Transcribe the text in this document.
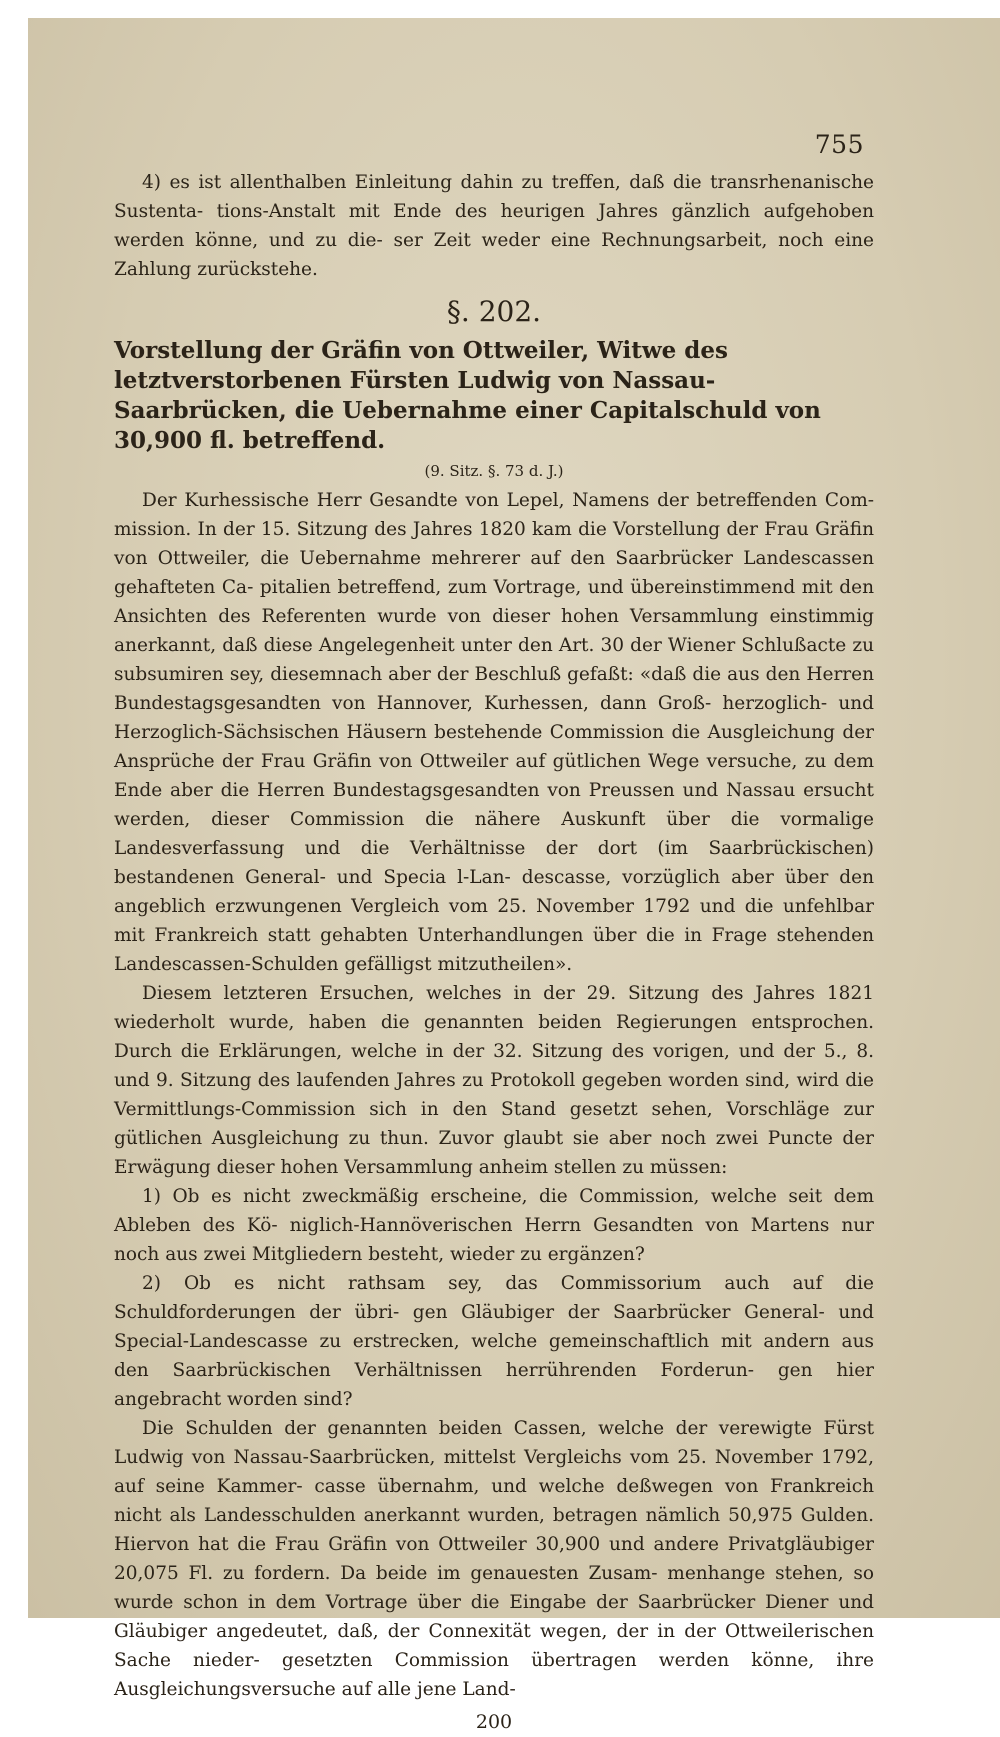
755

4) es ist allenthalben Einleitung dahin zu treffen, daß die transrhenanische Sustenta- tions-Anstalt mit Ende des heurigen Jahres gänzlich aufgehoben werden könne, und zu die- ser Zeit weder eine Rechnungsarbeit, noch eine Zahlung zurückstehe.

§. 202.

Vorstellung der Gräfin von Ottweiler, Witwe des letztverstorbenen Fürsten Ludwig von Nassau-Saarbrücken, die Uebernahme einer Capitalschuld von 30,900 fl. betreffend.

(9. Sitz. §. 73 d. J.)

Der Kurhessische Herr Gesandte von Lepel, Namens der betreffenden Com- mission. In der 15. Sitzung des Jahres 1820 kam die Vorstellung der Frau Gräfin von Ottweiler, die Uebernahme mehrerer auf den Saarbrücker Landescassen gehafteten Ca- pitalien betreffend, zum Vortrage, und übereinstimmend mit den Ansichten des Referenten wurde von dieser hohen Versammlung einstimmig anerkannt, daß diese Angelegenheit unter den Art. 30 der Wiener Schlußacte zu subsumiren sey, diesemnach aber der Beschluß gefaßt: «daß die aus den Herren Bundestagsgesandten von Hannover, Kurhessen, dann Groß- herzoglich- und Herzoglich-Sächsischen Häusern bestehende Commission die Ausgleichung der Ansprüche der Frau Gräfin von Ottweiler auf gütlichen Wege versuche, zu dem Ende aber die Herren Bundestagsgesandten von Preussen und Nassau ersucht werden, dieser Commission die nähere Auskunft über die vormalige Landesverfassung und die Verhältnisse der dort (im Saarbrückischen) bestandenen General- und Specia l-Lan- descasse, vorzüglich aber über den angeblich erzwungenen Vergleich vom 25. November 1792 und die unfehlbar mit Frankreich statt gehabten Unterhandlungen über die in Frage stehenden Landescassen-Schulden gefälligst mitzutheilen».

Diesem letzteren Ersuchen, welches in der 29. Sitzung des Jahres 1821 wiederholt wurde, haben die genannten beiden Regierungen entsprochen. Durch die Erklärungen, welche in der 32. Sitzung des vorigen, und der 5., 8. und 9. Sitzung des laufenden Jahres zu Protokoll gegeben worden sind, wird die Vermittlungs-Commission sich in den Stand gesetzt sehen, Vorschläge zur gütlichen Ausgleichung zu thun. Zuvor glaubt sie aber noch zwei Puncte der Erwägung dieser hohen Versammlung anheim stellen zu müssen:

1) Ob es nicht zweckmäßig erscheine, die Commission, welche seit dem Ableben des Kö- niglich-Hannöverischen Herrn Gesandten von Martens nur noch aus zwei Mitgliedern besteht, wieder zu ergänzen?

2) Ob es nicht rathsam sey, das Commissorium auch auf die Schuldforderungen der übri- gen Gläubiger der Saarbrücker General- und Special-Landescasse zu erstrecken, welche gemeinschaftlich mit andern aus den Saarbrückischen Verhältnissen herrührenden Forderun- gen hier angebracht worden sind?

Die Schulden der genannten beiden Cassen, welche der verewigte Fürst Ludwig von Nassau-Saarbrücken, mittelst Vergleichs vom 25. November 1792, auf seine Kammer- casse übernahm, und welche deßwegen von Frankreich nicht als Landesschulden anerkannt wurden, betragen nämlich 50,975 Gulden. Hiervon hat die Frau Gräfin von Ottweiler 30,900 und andere Privatgläubiger 20,075 Fl. zu fordern. Da beide im genauesten Zusam- menhange stehen, so wurde schon in dem Vortrage über die Eingabe der Saarbrücker Diener und Gläubiger angedeutet, daß, der Connexität wegen, der in der Ottweilerischen Sache nieder- gesetzten Commission übertragen werden könne, ihre Ausgleichungsversuche auf alle jene Land-

200
